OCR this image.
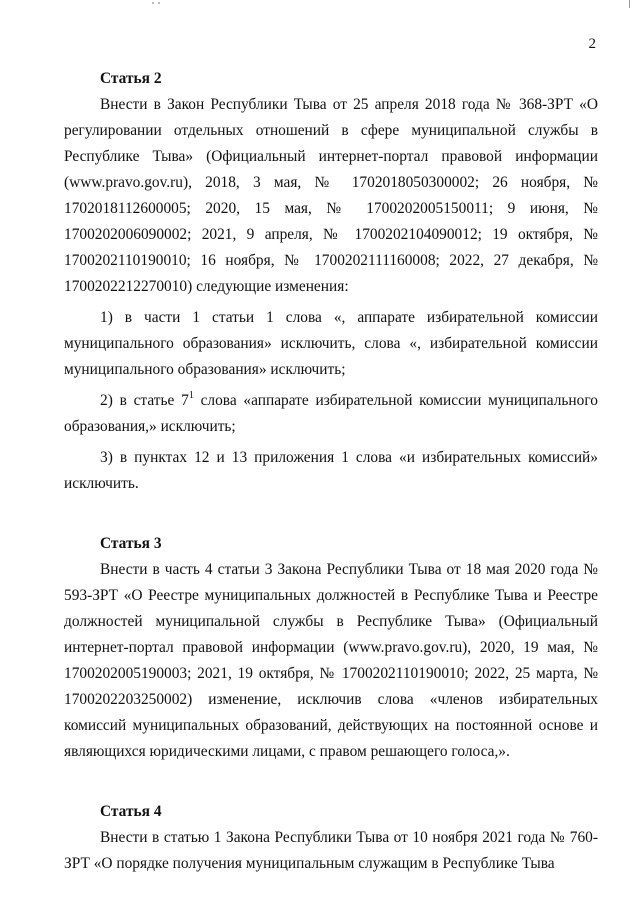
2

Статья 2

Внести в Закон Республики Тыва от 25 апреля 2018 года № 368-ЗРТ «О регулировании отдельных отношений в сфере муниципальной службы в Республике Тыва» (Официальный интернет-портал правовой информации (www.pravo.gov.ru), 2018, 3 мая, № 1702018050300002; 26 ноября, № 1702018112600005; 2020, 15 мая, № 1700202005150011; 9 июня, № 1700202006090002; 2021, 9 апреля, № 1700202104090012; 19 октября, № 1700202110190010; 16 ноября, № 1700202111160008; 2022, 27 декабря, № 1700202212270010) следующие изменения:

1) в части 1 статьи 1 слова «, аппарате избирательной комиссии муниципального образования» исключить, слова «, избирательной комиссии муниципального образования» исключить;

2) в статье $7^1$ слова «аппарате избирательной комиссии муниципального образования,» исключить;

3) в пунктах 12 и 13 приложения 1 слова «и избирательных комиссий» исключить.

Статья 3

Внести в часть 4 статьи 3 Закона Республики Тыва от 18 мая 2020 года № 593-ЗРТ «О Реестре муниципальных должностей в Республике Тыва и Реестре должностей муниципальной службы в Республике Тыва» (Официальный интернет-портал правовой информации (www.pravo.gov.ru), 2020, 19 мая, № 1700202005190003; 2021, 19 октября, № 1700202110190010; 2022, 25 марта, № 1700202203250002) изменение, исключив слова «членов избирательных комиссий муниципальных образований, действующих на постоянной основе и являющихся юридическими лицами, с правом решающего голоса,».

Статья 4

Внести в статью 1 Закона Республики Тыва от 10 ноября 2021 года № 760-ЗРТ «О порядке получения муниципальным служащим в Республике Тыва
